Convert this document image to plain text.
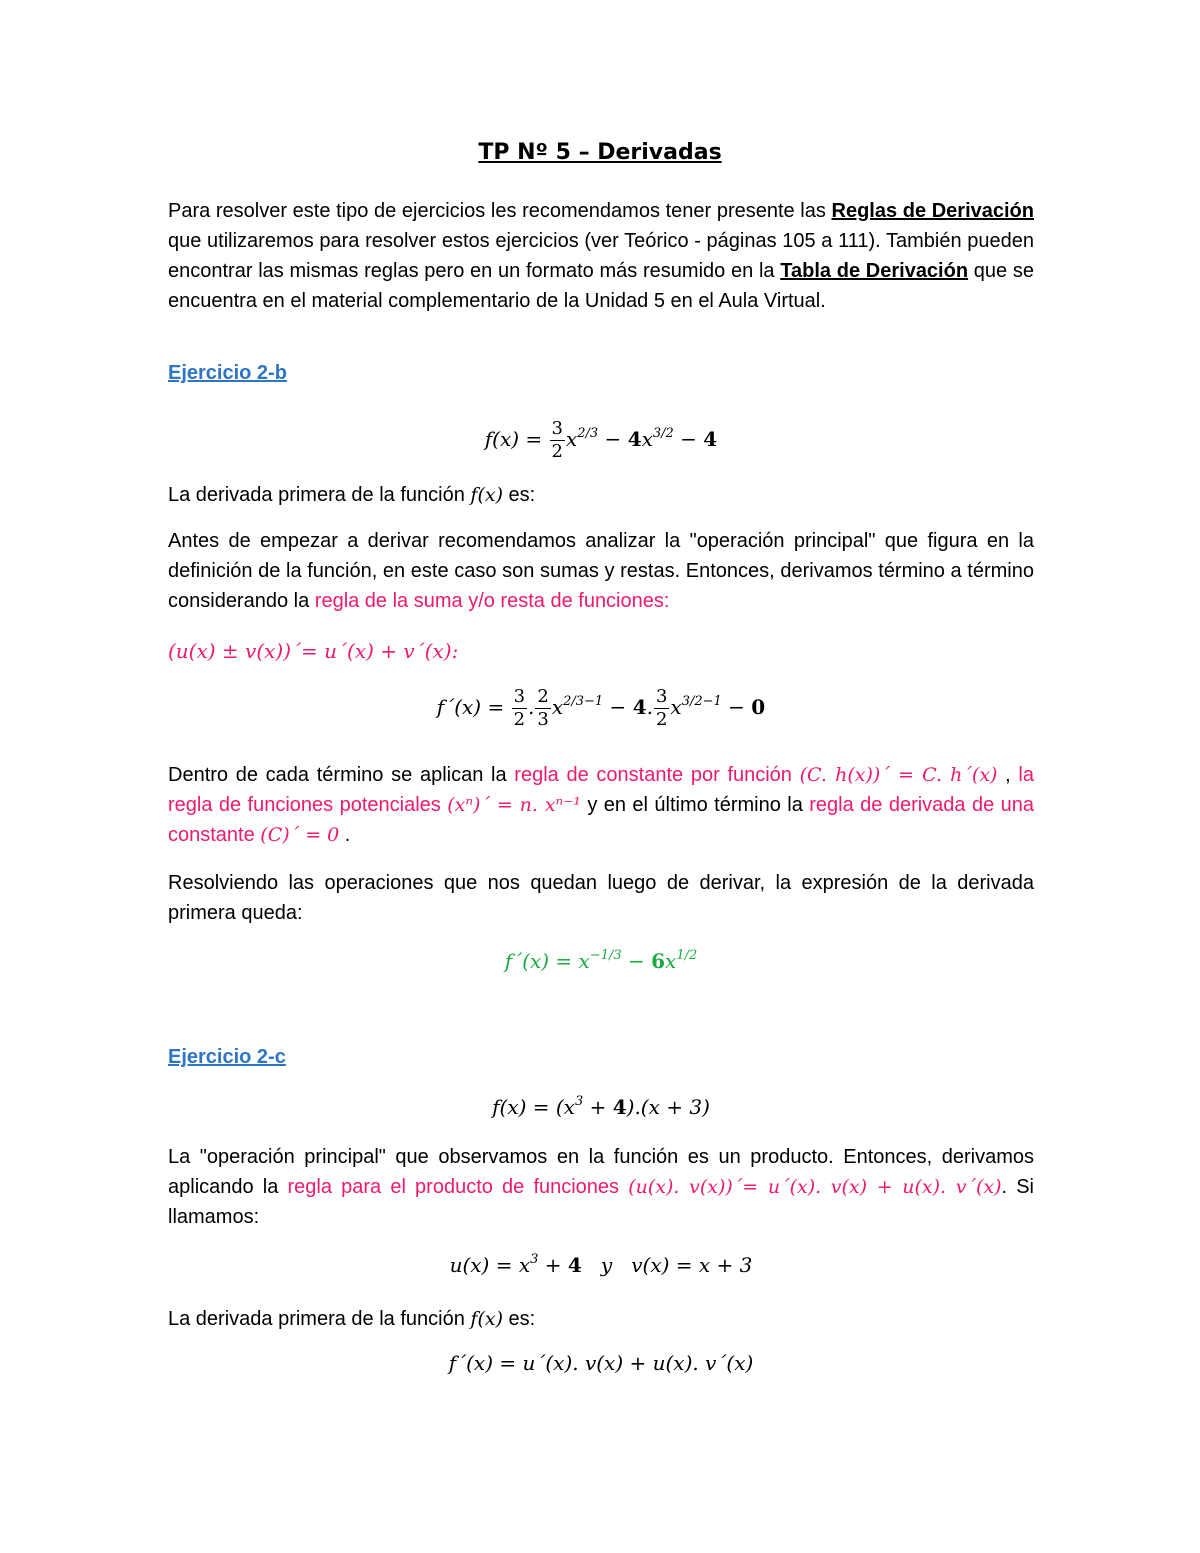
TP Nº 5 – Derivadas
Para resolver este tipo de ejercicios les recomendamos tener presente las Reglas de Derivación que utilizaremos para resolver estos ejercicios (ver Teórico - páginas 105 a 111). También pueden encontrar las mismas reglas pero en un formato más resumido en la Tabla de Derivación que se encuentra en el material complementario de la Unidad 5 en el Aula Virtual.
Ejercicio 2-b
$f(x) = \frac{3}{2} x^{2/3} - 4x^{3/2} - 4$
La derivada primera de la función f(x) es:
Antes de empezar a derivar recomendamos analizar la "operación principal" que figura en la definición de la función, en este caso son sumas y restas. Entonces, derivamos término a término considerando la regla de la suma y/o resta de funciones:
(u(x) ± v(x))´= u´(x) + v´(x):
f´(x) = $\frac{3}{2}$ . $\frac{2}{3} x^{2/3-1} - 4$. $\frac{3}{2} x^{3/2-1} - 0$
Dentro de cada término se aplican la regla de constante por función (C. h(x))´ = C. h´(x) , la regla de funciones potenciales (xⁿ)´ = n. xⁿ⁻¹ y en el último término la regla de derivada de una constante (C)´ = 0 .
Resolviendo las operaciones que nos quedan luego de derivar, la expresión de la derivada primera queda:
f´(x) = $x^{-1/3} - 6x^{1/2}$
Ejercicio 2-c
$f(x) = (x^3 + 4).(x + 3)$
La "operación principal" que observamos en la función es un producto. Entonces, derivamos aplicando la regla para el producto de funciones (u(x). v(x))´= u´(x). v(x) + u(x). v´(x). Si llamamos:
$u(x) = x^3 + 4$   y   v(x) = x + 3
La derivada primera de la función f(x) es:
f´(x) = u´(x). v(x) + u(x). v´(x)
